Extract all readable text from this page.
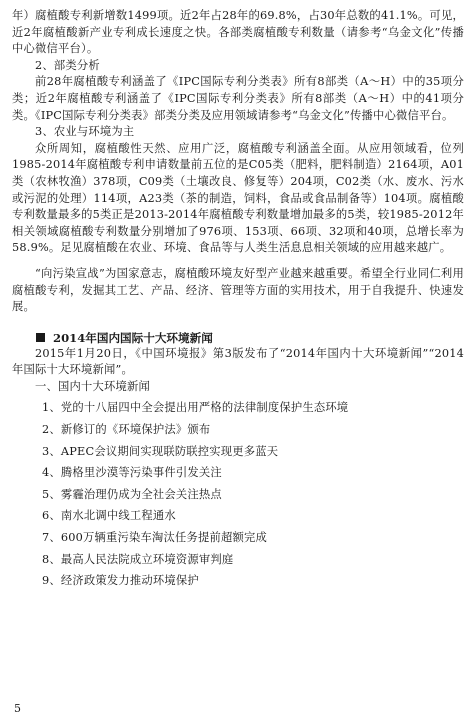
年）腐植酸专利新增数1499项。近2年占28年的69.8%，占30年总数的41.1%。可见，近2年腐植酸新产业专利成长速度之快。各部类腐植酸专利数量（请参考“乌金文化”传播中心微信平台）。

2、部类分析

前28年腐植酸专利涵盖了《IPC国际专利分类表》所有8部类（A～H）中的35项分类；近2年腐植酸专利涵盖了《IPC国际专利分类表》所有8部类（A～H）中的41项分类。《IPC国际专利分类表》部类分类及应用领域请参考“乌金文化”传播中心微信平台。

3、农业与环境为主

众所周知，腐植酸性天然、应用广泛，腐植酸专利涵盖全面。从应用领域看，位列1985-2014年腐植酸专利申请数量前五位的是C05类（肥料，肥料制造）2164项，A01类（农林牧渔）378项，C09类（土壤改良、修复等）204项，C02类（水、废水、污水或污泥的处理）114项，A23类（茶的制造，饲料，食品或食品制备等）104项。腐植酸专利数量最多的5类正是2013-2014年腐植酸专利数量增加最多的5类，较1985-2012年相关领域腐植酸专利数量分别增加了976项、153项、66项、32项和40项，总增长率为58.9%。足见腐植酸在农业、环境、食品等与人类生活息息相关领域的应用越来越广。

“向污染宣战”为国家意志，腐植酸环境友好型产业越来越重要。希望全行业同仁利用腐植酸专利，发掘其工艺、产品、经济、管理等方面的实用技术，用于自我提升、快速发展。

2014年国内国际十大环境新闻

2015年1月20日，《中国环境报》第3版发布了“2014年国内十大环境新闻”“2014年国际十大环境新闻”。

一、国内十大环境新闻

1、党的十八届四中全会提出用严格的法律制度保护生态环境

2、新修订的《环境保护法》颁布

3、APEC会议期间实现联防联控实现更多蓝天

4、腾格里沙漠等污染事件引发关注

5、雾霾治理仍成为全社会关注热点

6、南水北调中线工程通水

7、600万辆重污染车淘汰任务提前超额完成

8、最高人民法院成立环境资源审判庭

9、经济政策发力推动环境保护

5
